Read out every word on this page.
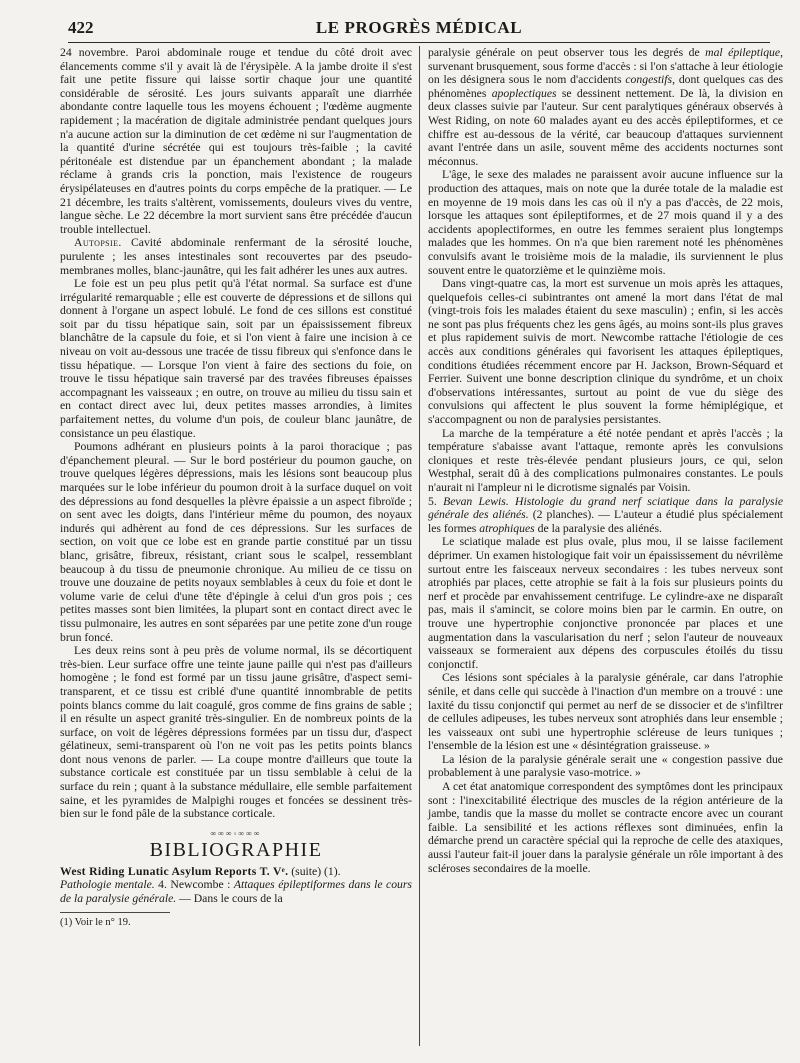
422	LE PROGRÈS MÉDICAL

24 novembre. Paroi abdominale rouge et tendue du côté droit avec élancements comme s'il y avait là de l'érysipèle. A la jambe droite il s'est fait une petite fissure qui laisse sortir chaque jour une quantité considérable de sérosité. Les jours suivants apparaît une diarrhée abondante contre laquelle tous les moyens échouent ; l'œdème augmente rapidement ; la macération de digitale administrée pendant quelques jours n'a aucune action sur la diminution de cet œdème ni sur l'augmentation de la quantité d'urine sécrétée qui est toujours très-faible ; la cavité péritonéale est distendue par un épanchement abondant ; la malade réclame à grands cris la ponction, mais l'existence de rougeurs érysipélateuses en d'autres points du corps empêche de la pratiquer. — Le 21 décembre, les traits s'altèrent, vomissements, douleurs vives du ventre, langue sèche. Le 22 décembre la mort survient sans être précédée d'aucun trouble intellectuel.

Autopsie. Cavité abdominale renfermant de la sérosité louche, purulente ; les anses intestinales sont recouvertes par des pseudo-membranes molles, blanc-jaunâtre, qui les fait adhérer les unes aux autres.

Le foie est un peu plus petit qu'à l'état normal. Sa surface est d'une irrégularité remarquable ; elle est couverte de dépressions et de sillons qui donnent à l'organe un aspect lobulé. Le fond de ces sillons est constitué soit par du tissu hépatique sain, soit par un épaississement fibreux blanchâtre de la capsule du foie, et si l'on vient à faire une incision à ce niveau on voit au-dessous une tracée de tissu fibreux qui s'enfonce dans le tissu hépatique. — Lorsque l'on vient à faire des sections du foie, on trouve le tissu hépatique sain traversé par des travées fibreuses épaisses accompagnant les vaisseaux ; en outre, on trouve au milieu du tissu sain et en contact direct avec lui, deux petites masses arrondies, à limites parfaitement nettes, du volume d'un pois, de couleur blanc jaunâtre, de consistance un peu élastique.

Poumons adhérant en plusieurs points à la paroi thoracique ; pas d'épanchement pleural. — Sur le bord postérieur du poumon gauche, on trouve quelques légères dépressions, mais les lésions sont beaucoup plus marquées sur le lobe inférieur du poumon droit à la surface duquel on voit des dépressions au fond desquelles la plèvre épaissie a un aspect fibroïde ; on sent avec les doigts, dans l'intérieur même du poumon, des noyaux indurés qui adhèrent au fond de ces dépressions. Sur les surfaces de section, on voit que ce lobe est en grande partie constitué par un tissu blanc, grisâtre, fibreux, résistant, criant sous le scalpel, ressemblant beaucoup à du tissu de pneumonie chronique. Au milieu de ce tissu on trouve une douzaine de petits noyaux semblables à ceux du foie et dont le volume varie de celui d'une tête d'épingle à celui d'un gros pois ; ces petites masses sont bien limitées, la plupart sont en contact direct avec le tissu pulmonaire, les autres en sont séparées par une petite zone d'un rouge brun foncé.

Les deux reins sont à peu près de volume normal, ils se décortiquent très-bien. Leur surface offre une teinte jaune paille qui n'est pas d'ailleurs homogène ; le fond est formé par un tissu jaune grisâtre, d'aspect semi-transparent, et ce tissu est criblé d'une quantité innombrable de petits points blancs comme du lait coagulé, gros comme de fins grains de sable ; il en résulte un aspect granité très-singulier. En de nombreux points de la surface, on voit de légères dépressions formées par un tissu dur, d'aspect gélatineux, semi-transparent où l'on ne voit pas les petits points blancs dont nous venons de parler. — La coupe montre d'ailleurs que toute la substance corticale est constituée par un tissu semblable à celui de la surface du rein ; quant à la substance médullaire, elle semble parfaitement saine, et les pyramides de Malpighi rouges et foncées se dessinent très-bien sur le fond pâle de la substance corticale.

∞∞∞◦∞∞∞
BIBLIOGRAPHIE

West Riding Lunatic Asylum Reports T. Vᵉ. (suite) (1).
Pathologie mentale. 4. Newcombe : Attaques épileptiformes dans le cours de la paralysie générale. — Dans le cours de la

(1) Voir le n° 19.

paralysie générale on peut observer tous les degrés de mal épileptique, survenant brusquement, sous forme d'accès : si l'on s'attache à leur étiologie on les désignera sous le nom d'accidents congestifs, dont quelques cas des phénomènes apoplectiques se dessinent nettement. De là, la division en deux classes suivie par l'auteur. Sur cent paralytiques généraux observés à West Riding, on note 60 malades ayant eu des accès épileptiformes, et ce chiffre est au-dessous de la vérité, car beaucoup d'attaques surviennent avant l'entrée dans un asile, souvent même des accidents nocturnes sont méconnus.

L'âge, le sexe des malades ne paraissent avoir aucune influence sur la production des attaques, mais on note que la durée totale de la maladie est en moyenne de 19 mois dans les cas où il n'y a pas d'accès, de 22 mois, lorsque les attaques sont épileptiformes, et de 27 mois quand il y a des accidents apoplectiformes, en outre les femmes seraient plus longtemps malades que les hommes. On n'a que bien rarement noté les phénomènes convulsifs avant le troisième mois de la maladie, ils surviennent le plus souvent entre le quatorzième et le quinzième mois.

Dans vingt-quatre cas, la mort est survenue un mois après les attaques, quelquefois celles-ci subintrantes ont amené la mort dans l'état de mal (vingt-trois fois les malades étaient du sexe masculin) ; enfin, si les accès ne sont pas plus fréquents chez les gens âgés, au moins sont-ils plus graves et plus rapidement suivis de mort. Newcombe rattache l'étiologie de ces accès aux conditions générales qui favorisent les attaques épileptiques, conditions étudiées récemment encore par H. Jackson, Brown-Séquard et Ferrier. Suivent une bonne description clinique du syndrôme, et un choix d'observations intéressantes, surtout au point de vue du siège des convulsions qui affectent le plus souvent la forme hémiplégique, et s'accompagnent ou non de paralysies persistantes.

La marche de la température a été notée pendant et après l'accès ; la température s'abaisse avant l'attaque, remonte après les convulsions cloniques et reste très-élevée pendant plusieurs jours, ce qui, selon Westphal, serait dû à des complications pulmonaires constantes. Le pouls n'aurait ni l'ampleur ni le dicrotisme signalés par Voisin.

5. Bevan Lewis. Histologie du grand nerf sciatique dans la paralysie générale des aliénés. (2 planches). — L'auteur a étudié plus spécialement les formes atrophiques de la paralysie des aliénés.

Le sciatique malade est plus ovale, plus mou, il se laisse facilement déprimer. Un examen histologique fait voir un épaississement du névrilème surtout entre les faisceaux nerveux secondaires : les tubes nerveux sont atrophiés par places, cette atrophie se fait à la fois sur plusieurs points du nerf et procède par envahissement centrifuge. Le cylindre-axe ne disparaît pas, mais il s'amincit, se colore moins bien par le carmin. En outre, on trouve une hypertrophie conjonctive prononcée par places et une augmentation dans la vascularisation du nerf ; selon l'auteur de nouveaux vaisseaux se formeraient aux dépens des corpuscules étoilés du tissu conjonctif.

Ces lésions sont spéciales à la paralysie générale, car dans l'atrophie sénile, et dans celle qui succède à l'inaction d'un membre on a trouvé : une laxité du tissu conjonctif qui permet au nerf de se dissocier et de s'infiltrer de cellules adipeuses, les tubes nerveux sont atrophiés dans leur ensemble ; les vaisseaux ont subi une hypertrophie scléreuse de leurs tuniques ; l'ensemble de la lésion est une « désintégration graisseuse. »

La lésion de la paralysie générale serait une « congestion passive due probablement à une paralysie vaso-motrice. »

A cet état anatomique correspondent des symptômes dont les principaux sont : l'inexcitabilité électrique des muscles de la région antérieure de la jambe, tandis que la masse du mollet se contracte encore avec un courant faible. La sensibilité et les actions réflexes sont diminuées, enfin la démarche prend un caractère spécial qui la reproche de celle des ataxiques, aussi l'auteur fait-il jouer dans la paralysie générale un rôle important à des scléroses secondaires de la moelle.
